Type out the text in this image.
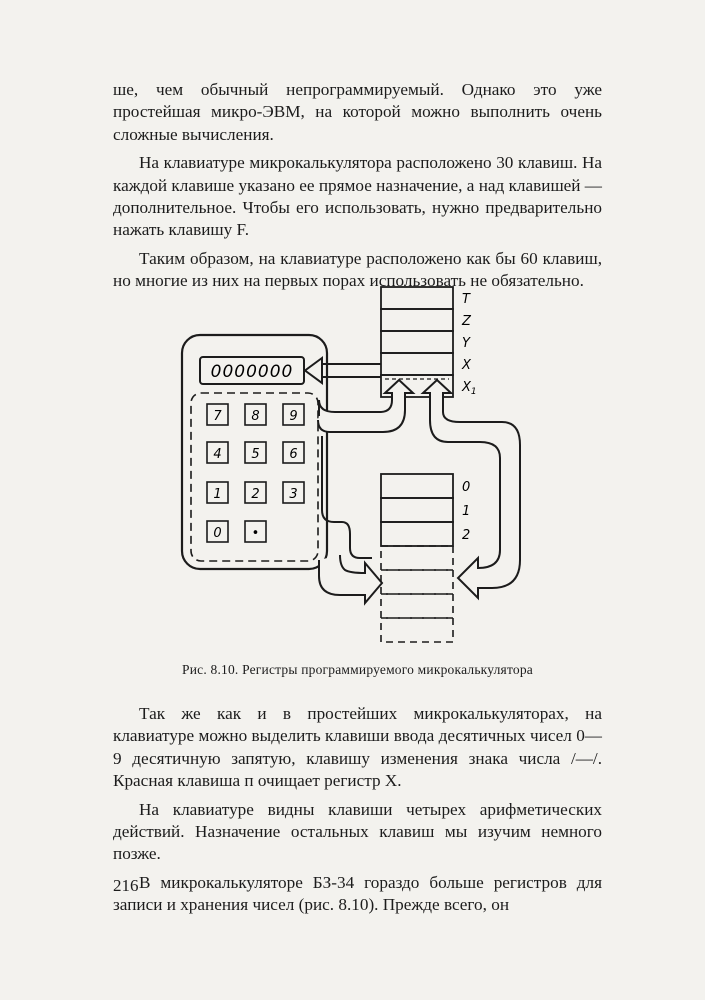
ше, чем обычный непрограммируемый. Однако это уже простейшая микро-ЭВМ, на которой можно выполнить очень сложные вычисления.

На клавиатуре микрокалькулятора расположено 30 клавиш. На каждой клавише указано ее прямое назначение, а над клавишей — дополнительное. Чтобы его использовать, нужно предварительно нажать клавишу F.

Таким образом, на клавиатуре расположено как бы 60 клавиш, но многие из них на первых порах использовать не обязательно.

0000000
7 8 9
4 5 6
1 2 3
0 •
T
Z
Y
X
$X_1$
0
1
2
Рис. 8.10. Регистры программируемого микрокалькулятора

Так же как и в простейших микрокалькуляторах, на клавиатуре можно выделить клавиши ввода десятичных чисел 0—9 десятичную запятую, клавишу изменения знака числа /—/. Красная клавиша п очищает регистр X.

На клавиатуре видны клавиши четырех арифметических действий. Назначение остальных клавиш мы изучим немного позже.

В микрокалькуляторе БЗ-34 гораздо больше регистров для записи и хранения чисел (рис. 8.10). Прежде всего, он

216
